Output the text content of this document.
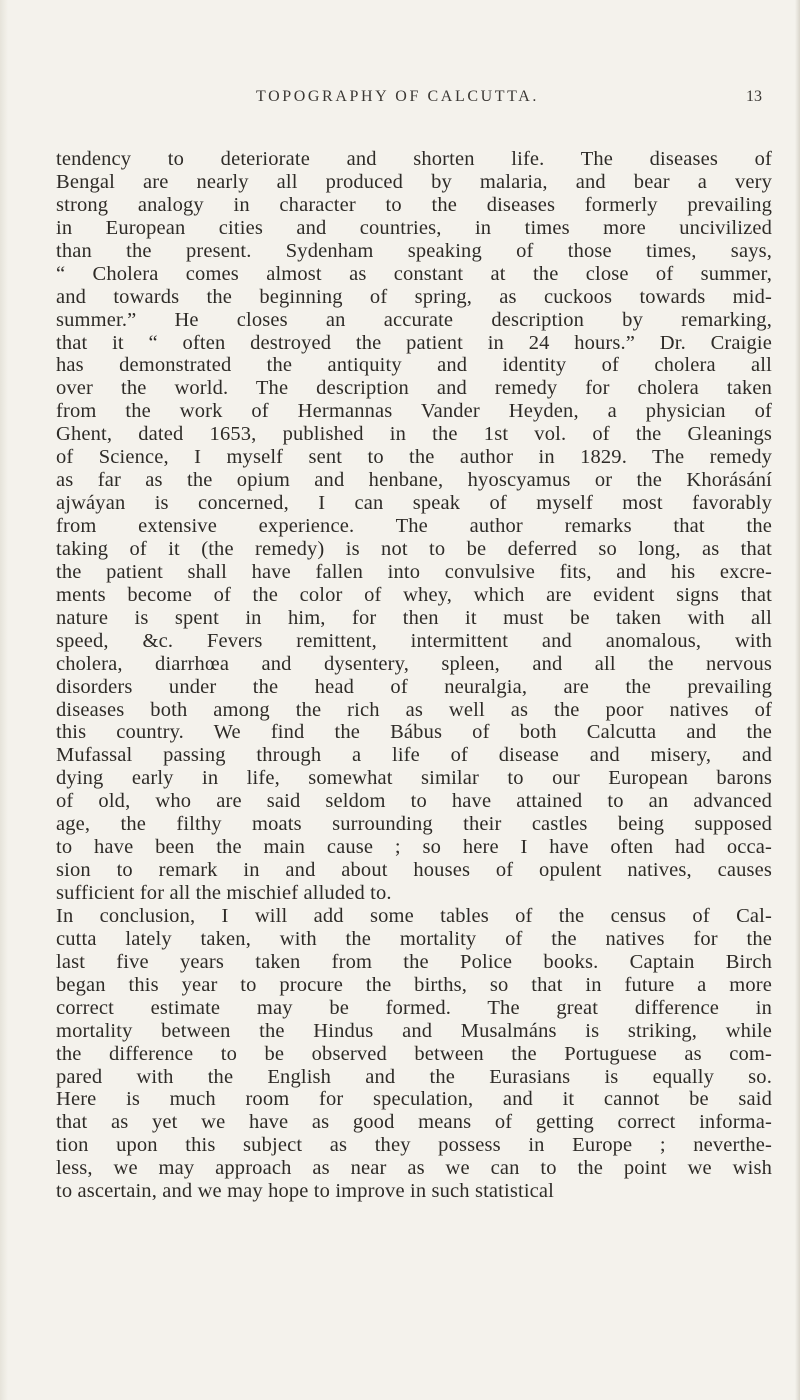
TOPOGRAPHY OF CALCUTTA.	13
tendency to deteriorate and shorten life. The diseases of
Bengal are nearly all produced by malaria, and bear a very
strong analogy in character to the diseases formerly prevailing
in European cities and countries, in times more uncivilized
than the present. Sydenham speaking of those times, says,
“ Cholera comes almost as constant at the close of summer,
and towards the beginning of spring, as cuckoos towards mid-
summer.” He closes an accurate description by remarking,
that it “ often destroyed the patient in 24 hours.” Dr. Craigie
has demonstrated the antiquity and identity of cholera all
over the world. The description and remedy for cholera taken
from the work of Hermannas Vander Heyden, a physician of
Ghent, dated 1653, published in the 1st vol. of the Gleanings
of Science, I myself sent to the author in 1829. The remedy
as far as the opium and henbane, hyoscyamus or the Khorásání
ajwáyan is concerned, I can speak of myself most favorably
from extensive experience. The author remarks that the
taking of it (the remedy) is not to be deferred so long, as that
the patient shall have fallen into convulsive fits, and his excre-
ments become of the color of whey, which are evident signs that
nature is spent in him, for then it must be taken with all
speed, &c. Fevers remittent, intermittent and anomalous, with
cholera, diarrhœa and dysentery, spleen, and all the nervous
disorders under the head of neuralgia, are the prevailing
diseases both among the rich as well as the poor natives of
this country. We find the Bábus of both Calcutta and the
Mufassal passing through a life of disease and misery, and
dying early in life, somewhat similar to our European barons
of old, who are said seldom to have attained to an advanced
age, the filthy moats surrounding their castles being supposed
to have been the main cause ; so here I have often had occa-
sion to remark in and about houses of opulent natives, causes
sufficient for all the mischief alluded to.
In conclusion, I will add some tables of the census of Cal-
cutta lately taken, with the mortality of the natives for the
last five years taken from the Police books. Captain Birch
began this year to procure the births, so that in future a more
correct estimate may be formed. The great difference in
mortality between the Hindus and Musalmáns is striking, while
the difference to be observed between the Portuguese as com-
pared with the English and the Eurasians is equally so.
Here is much room for speculation, and it cannot be said
that as yet we have as good means of getting correct informa-
tion upon this subject as they possess in Europe ; neverthe-
less, we may approach as near as we can to the point we wish
to ascertain, and we may hope to improve in such statistical
